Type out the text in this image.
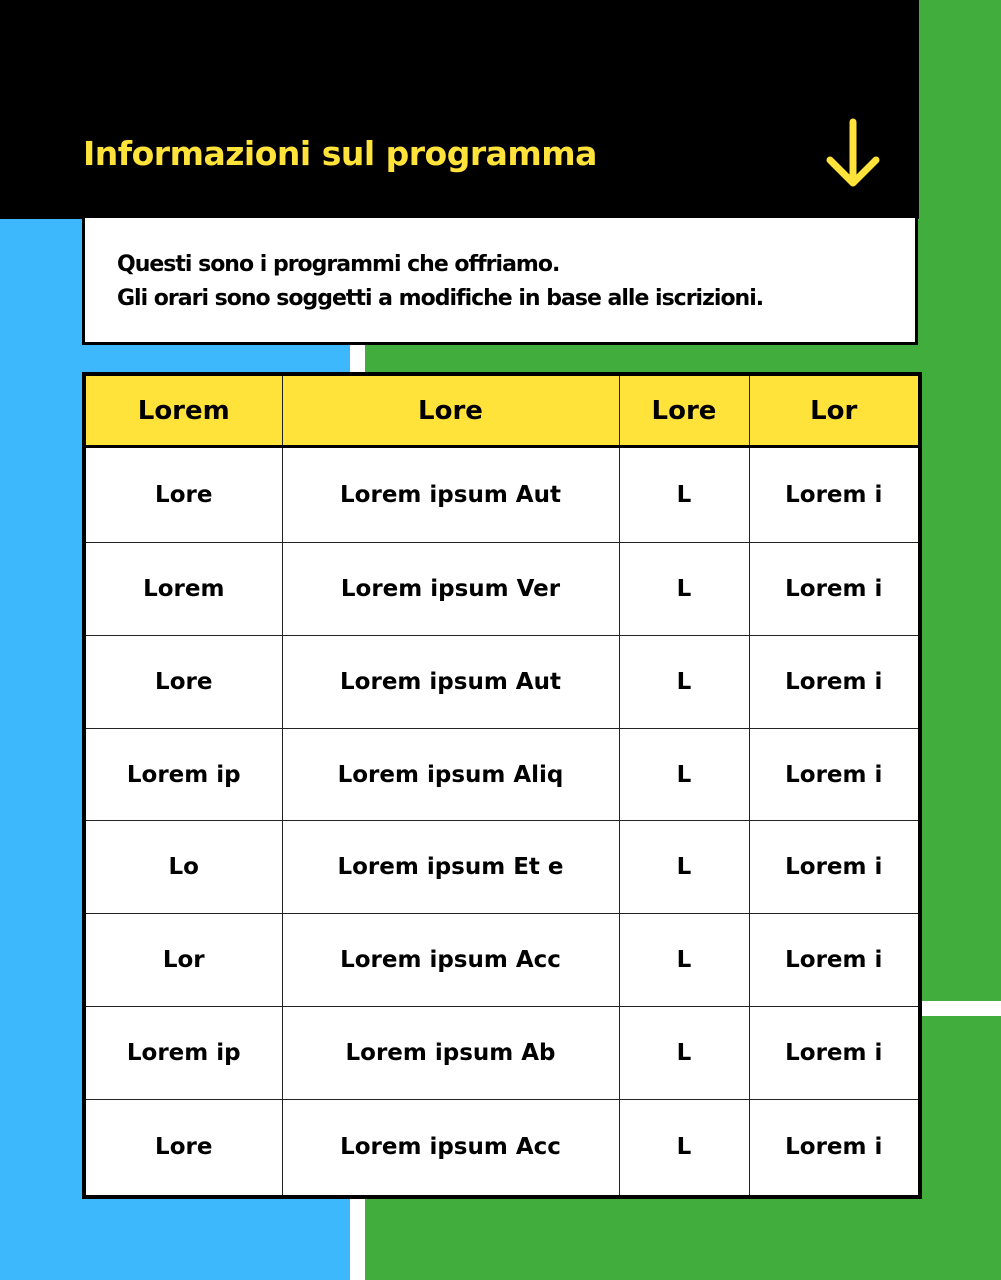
Informazioni sul programma

Questi sono i programmi che offriamo.

Gli orari sono soggetti a modifiche in base alle iscrizioni.

Lorem	Lore	Lore	Lor
Lore	Lorem ipsum Aut	L	Lorem i
Lorem	Lorem ipsum Ver	L	Lorem i
Lore	Lorem ipsum Aut	L	Lorem i
Lorem ip	Lorem ipsum Aliq	L	Lorem i
Lo	Lorem ipsum Et e	L	Lorem i
Lor	Lorem ipsum Acc	L	Lorem i
Lorem ip	Lorem ipsum Ab	L	Lorem i
Lore	Lorem ipsum Acc	L	Lorem i
